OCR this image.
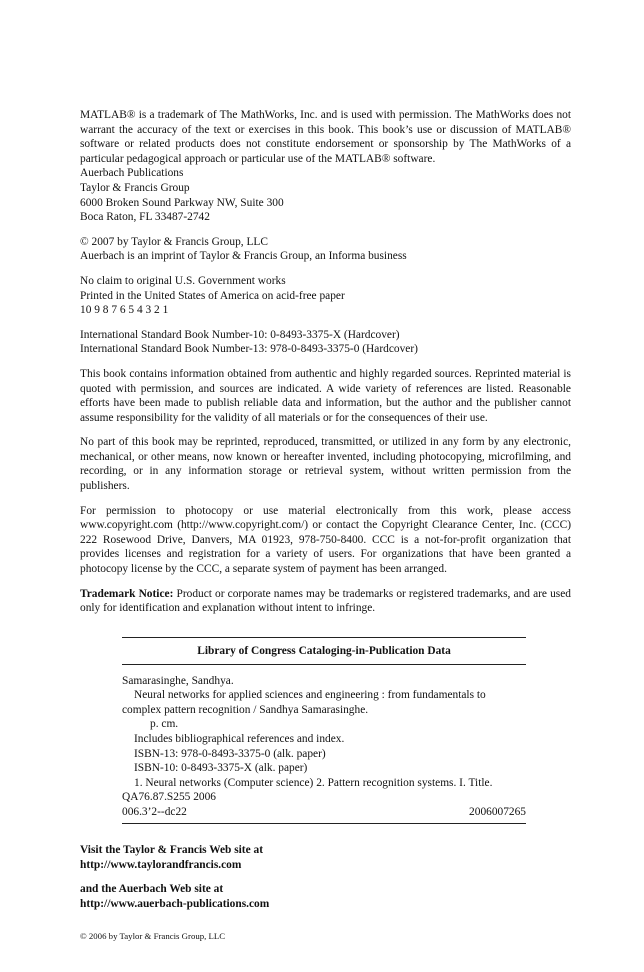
MATLAB® is a trademark of The MathWorks, Inc. and is used with permission. The MathWorks does not warrant the accuracy of the text or exercises in this book. This book’s use or discussion of MATLAB® software or related products does not constitute endorsement or sponsorship by The MathWorks of a particular pedagogical approach or particular use of the MATLAB® software.

Auerbach Publications

Taylor & Francis Group

6000 Broken Sound Parkway NW, Suite 300

Boca Raton, FL 33487-2742

© 2007 by Taylor & Francis Group, LLC

Auerbach is an imprint of Taylor & Francis Group, an Informa business

No claim to original U.S. Government works

Printed in the United States of America on acid-free paper

10 9 8 7 6 5 4 3 2 1

International Standard Book Number-10: 0-8493-3375-X (Hardcover)

International Standard Book Number-13: 978-0-8493-3375-0 (Hardcover)

This book contains information obtained from authentic and highly regarded sources. Reprinted material is quoted with permission, and sources are indicated. A wide variety of references are listed. Reasonable efforts have been made to publish reliable data and information, but the author and the publisher cannot assume responsibility for the validity of all materials or for the consequences of their use.

No part of this book may be reprinted, reproduced, transmitted, or utilized in any form by any electronic, mechanical, or other means, now known or hereafter invented, including photocopying, microfilming, and recording, or in any information storage or retrieval system, without written permission from the publishers.

For permission to photocopy or use material electronically from this work, please access www.copyright.com (http://www.copyright.com/) or contact the Copyright Clearance Center, Inc. (CCC) 222 Rosewood Drive, Danvers, MA 01923, 978-750-8400. CCC is a not-for-profit organization that provides licenses and registration for a variety of users. For organizations that have been granted a photocopy license by the CCC, a separate system of payment has been arranged.

Trademark Notice: Product or corporate names may be trademarks or registered trademarks, and are used only for identification and explanation without intent to infringe.

Library of Congress Cataloging-in-Publication Data

Samarasinghe, Sandhya.

Neural networks for applied sciences and engineering : from fundamentals to

complex pattern recognition / Sandhya Samarasinghe.

p. cm.

Includes bibliographical references and index.

ISBN-13: 978-0-8493-3375-0 (alk. paper)

ISBN-10: 0-8493-3375-X (alk. paper)

1. Neural networks (Computer science) 2. Pattern recognition systems. I. Title.

QA76.87.S255 2006

006.3’2--dc22	2006007265

Visit the Taylor & Francis Web site at

http://www.taylorandfrancis.com

and the Auerbach Web site at

http://www.auerbach-publications.com

© 2006 by Taylor & Francis Group, LLC
